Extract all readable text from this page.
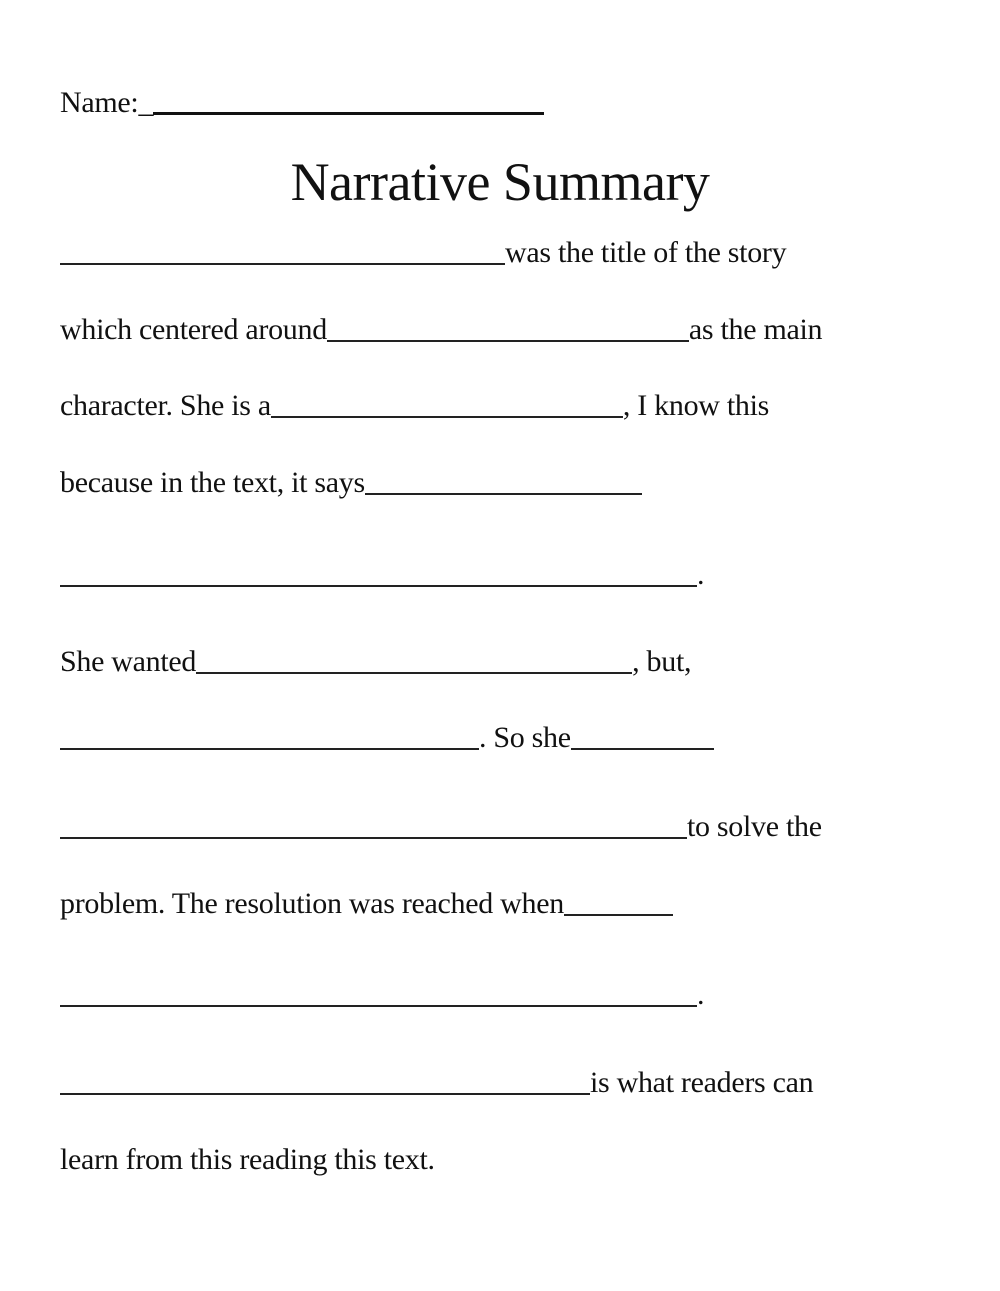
Name:_
Narrative Summary
was the title of the story
which centered around	as the main
character. She is a	, I know this
because in the text, it says
.
She wanted	, but,
. So she
to solve the
problem. The resolution was reached when
.
is what readers can
learn from this reading this text.
